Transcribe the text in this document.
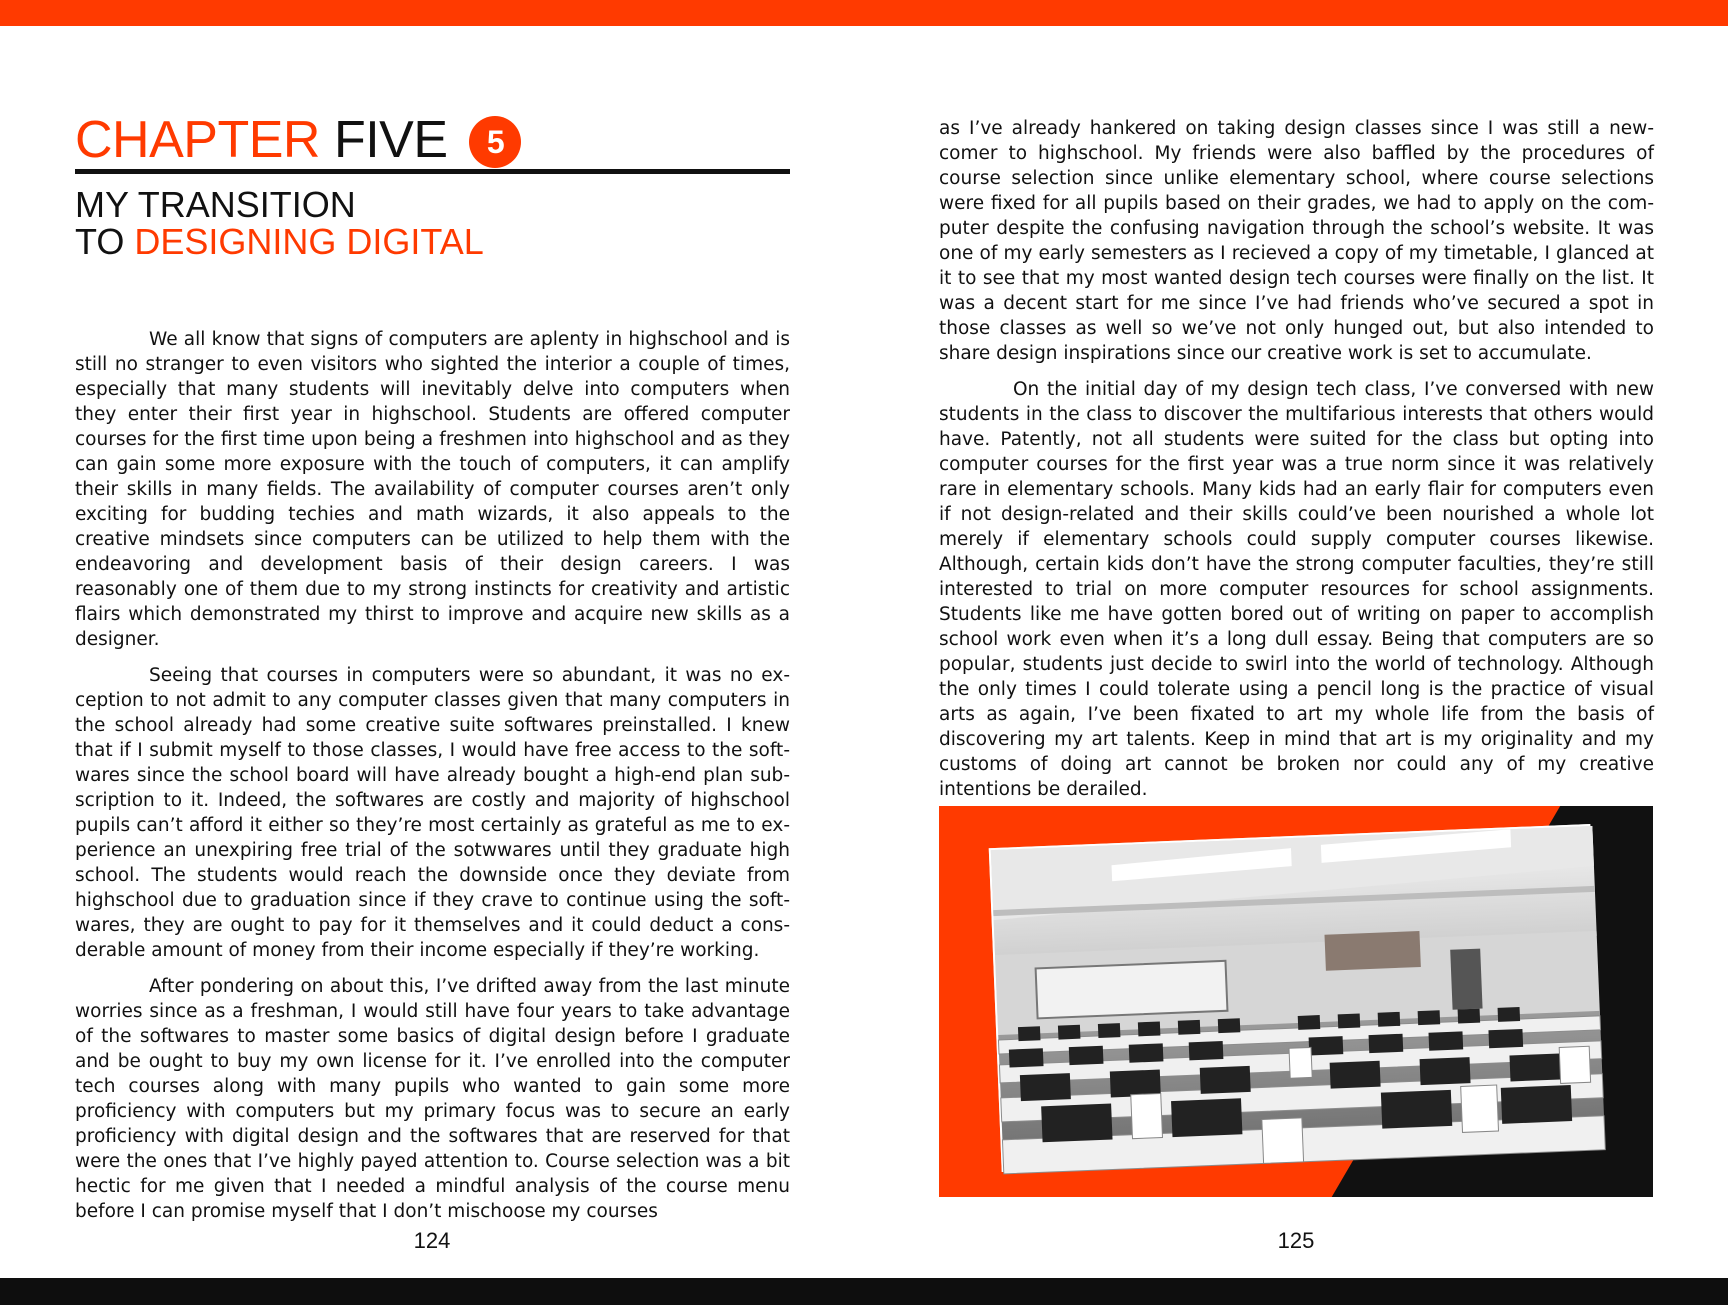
CHAPTER FIVE 5
MY TRANSITION
TO DESIGNING DIGITAL

We all know that signs of computers are aplenty in highschool and is still no stranger to even visitors who sighted the interior a couple of times, especially that many students will inevitably delve into computers when they enter their first year in highschool. Students are offered computer courses for the first time upon being a freshmen into highschool and as they can gain some more exposure with the touch of computers, it can amplify their skills in many fields. The availability of computer courses aren’t only exciting for budding techies and math wizards, it also appeals to the creative mindsets since computers can be utilized to help them with the endeavoring and development basis of their design careers. I was reasonably one of them due to my strong instincts for creativity and artistic flairs which demonstrated my thirst to improve and acquire new skills as a designer.

Seeing that courses in computers were so abundant, it was no exception to not admit to any computer classes given that many computers in the school already had some creative suite softwares preinstalled. I knew that if I submit myself to those classes, I would have free access to the softwares since the school board will have already bought a high-end plan subscription to it. Indeed, the softwares are costly and majority of highschool pupils can’t afford it either so they’re most certainly as grateful as me to experience an unexpiring free trial of the sotwwares until they graduate high school. The students would reach the downside once they deviate from highschool due to graduation since if they crave to continue using the softwares, they are ought to pay for it themselves and it could deduct a consderable amount of money from their income especially if they’re working.

After pondering on about this, I’ve drifted away from the last minute worries since as a freshman, I would still have four years to take advantage of the softwares to master some basics of digital design before I graduate and be ought to buy my own license for it. I’ve enrolled into the computer tech courses along with many pupils who wanted to gain some more proficiency with computers but my primary focus was to secure an early proficiency with digital design and the softwares that are reserved for that were the ones that I’ve highly payed attention to. Course selection was a bit hectic for me given that I needed a mindful analysis of the course menu before I can promise myself that I don’t mischoose my courses

124

as I’ve already hankered on taking design classes since I was still a newcomer to highschool. My friends were also baffled by the procedures of course selection since unlike elementary school, where course selections were fixed for all pupils based on their grades, we had to apply on the computer despite the confusing navigation through the school’s website. It was one of my early semesters as I recieved a copy of my timetable, I glanced at it to see that my most wanted design tech courses were finally on the list. It was a decent start for me since I’ve had friends who’ve secured a spot in those classes as well so we’ve not only hunged out, but also intended to share design inspirations since our creative work is set to accumulate.

On the initial day of my design tech class, I’ve conversed with new students in the class to discover the multifarious interests that others would have. Patently, not all students were suited for the class but opting into computer courses for the first year was a true norm since it was relatively rare in elementary schools. Many kids had an early flair for computers even if not design-related and their skills could’ve been nourished a whole lot merely if elementary schools could supply computer courses likewise. Although, certain kids don’t have the strong computer faculties, they’re still interested to trial on more computer resources for school assignments. Students like me have gotten bored out of writing on paper to accomplish school work even when it’s a long dull essay. Being that computers are so popular, students just decide to swirl into the world of technology. Although the only times I could tolerate using a pencil long is the practice of visual arts as again, I’ve been fixated to art my whole life from the basis of discovering my art talents. Keep in mind that art is my originality and my customs of doing art cannot be broken nor could any of my creative intentions be derailed.

125
